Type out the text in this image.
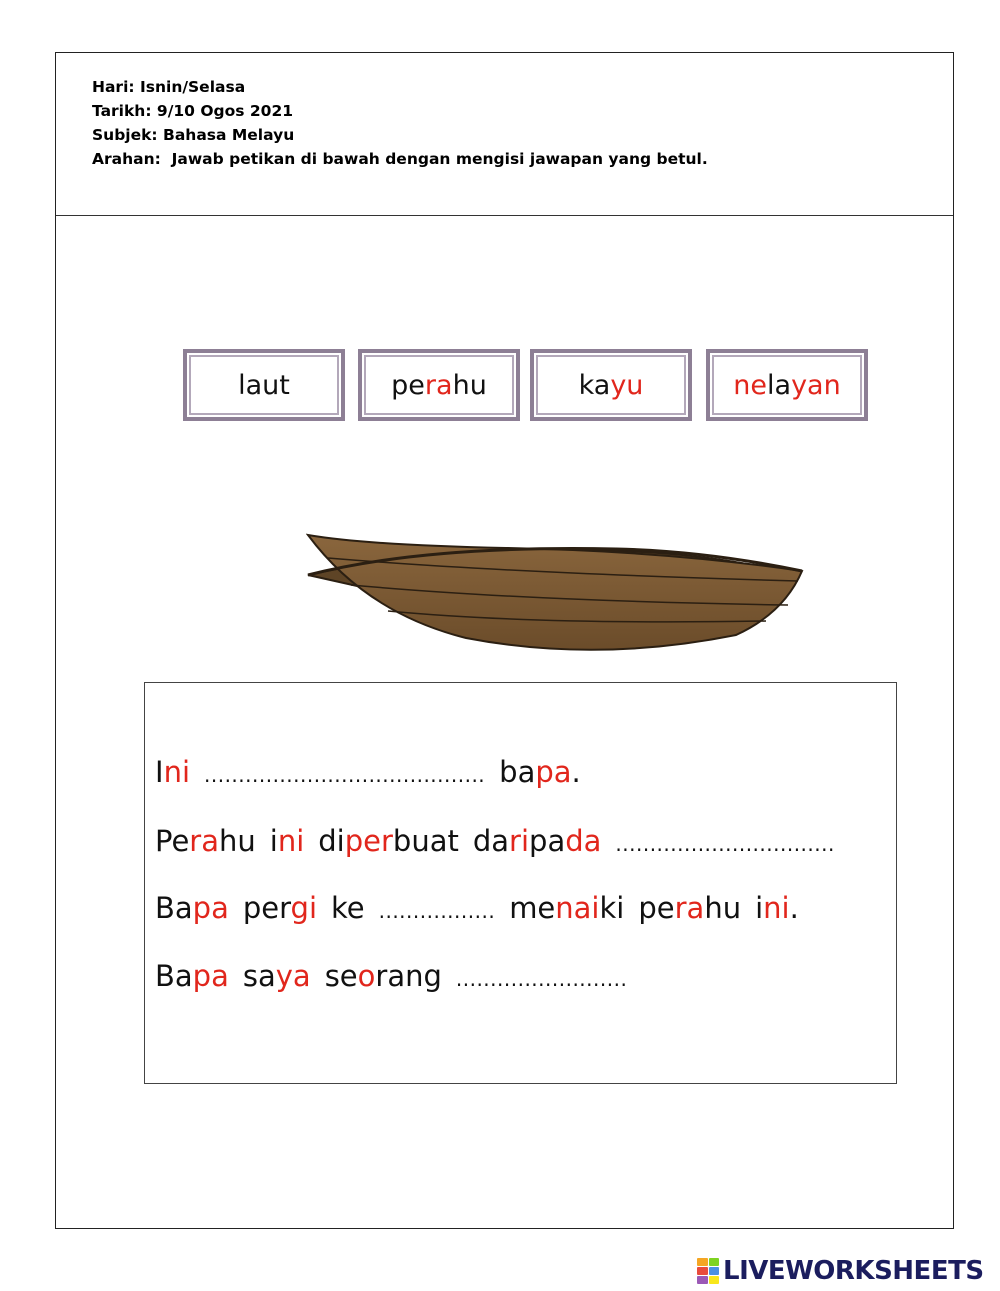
Hari: Isnin/Selasa
Tarikh: 9/10 Ogos 2021
Subjek: Bahasa Melayu
Arahan:  Jawab petikan di bawah dengan mengisi jawapan yang betul.
laut	pe ra hu	ka yu	ne la yan
Ini ......................................... bapa.
Perahu ini diperbuat daripada ................................
Bapa pergi ke ................. menaiki perahu ini.
Bapa saya seorang .........................
LIVEWORKSHEETS
